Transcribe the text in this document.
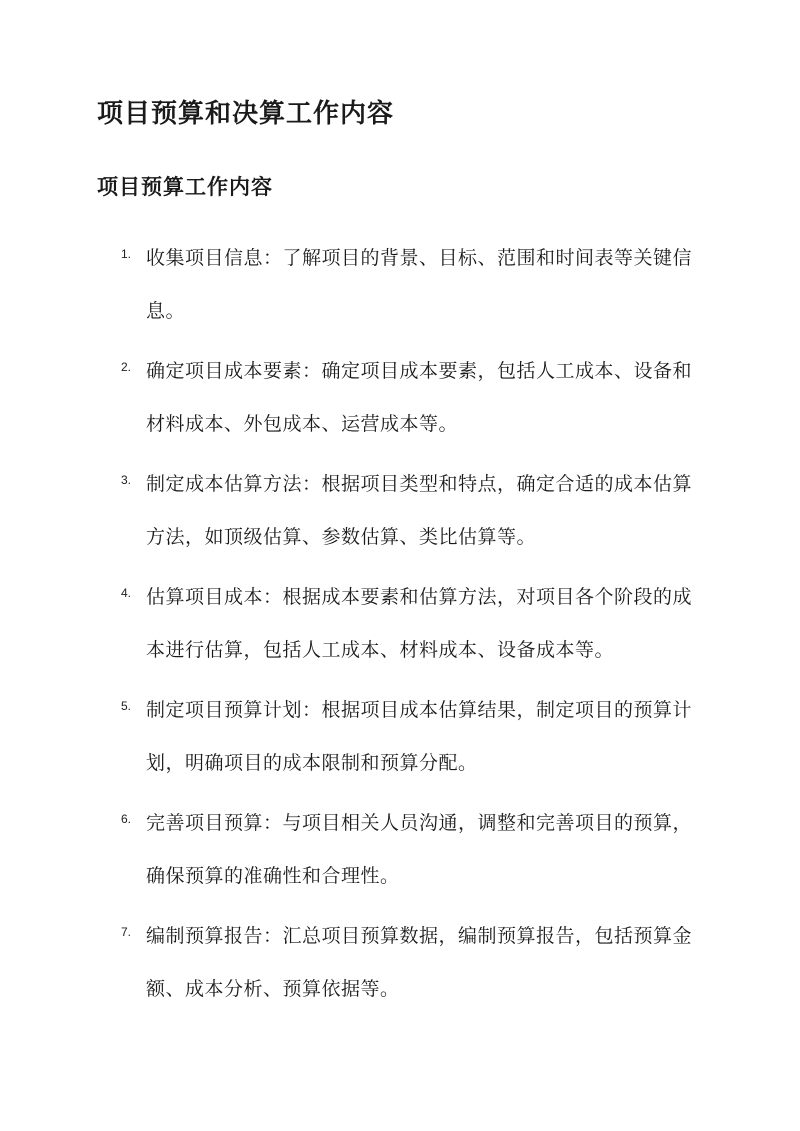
项目预算和决算工作内容
项目预算工作内容
1. 收集项目信息：了解项目的背景、目标、范围和时间表等关键信息。
2. 确定项目成本要素：确定项目成本要素，包括人工成本、设备和材料成本、外包成本、运营成本等。
3. 制定成本估算方法：根据项目类型和特点，确定合适的成本估算方法，如顶级估算、参数估算、类比估算等。
4. 估算项目成本：根据成本要素和估算方法，对项目各个阶段的成本进行估算，包括人工成本、材料成本、设备成本等。
5. 制定项目预算计划：根据项目成本估算结果，制定项目的预算计划，明确项目的成本限制和预算分配。
6. 完善项目预算：与项目相关人员沟通，调整和完善项目的预算，确保预算的准确性和合理性。
7. 编制预算报告：汇总项目预算数据，编制预算报告，包括预算金额、成本分析、预算依据等。
